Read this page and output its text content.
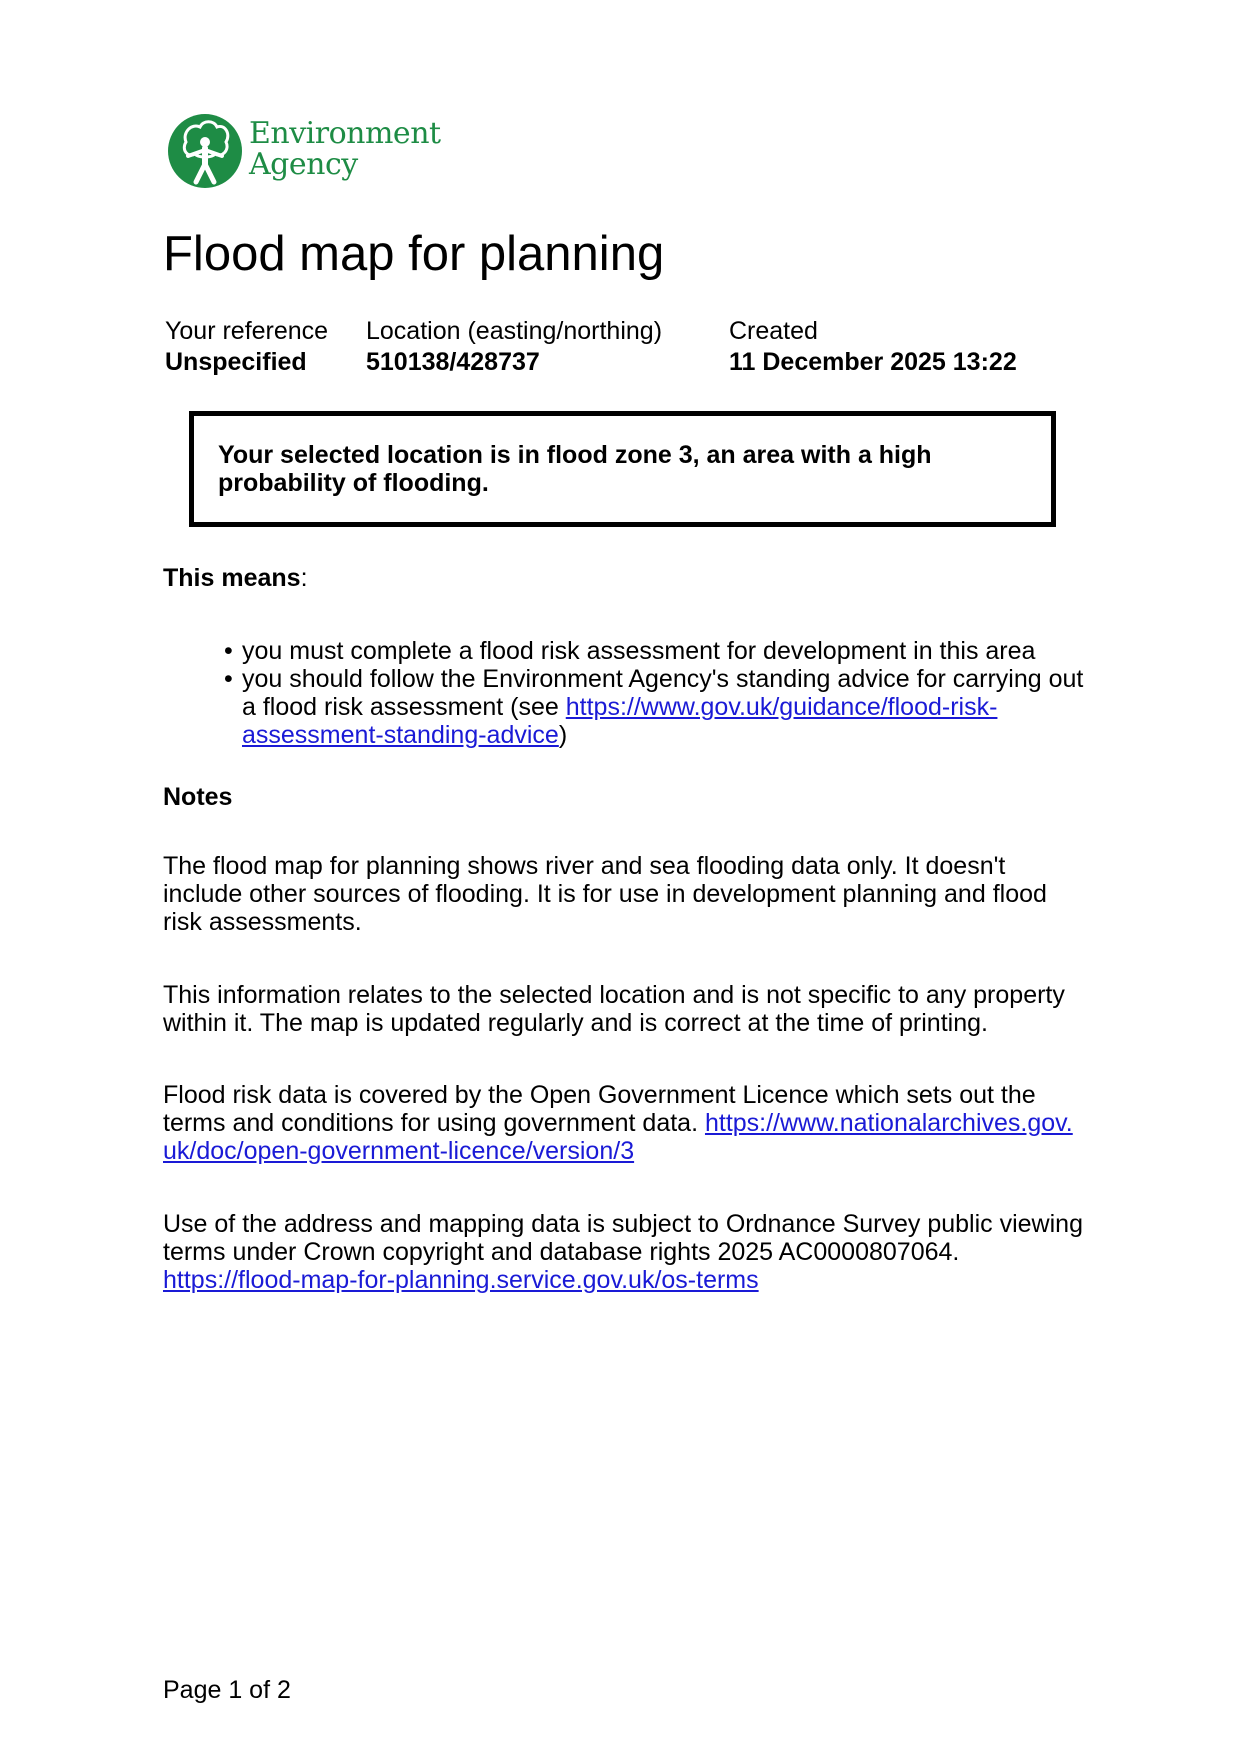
Environment
Agency
Flood map for planning
Your reference
Unspecified
Location (easting/northing)
510138/428737
Created
11 December 2025 13:22
Your selected location is in flood zone 3, an area with a high probability of flooding.

This means:

• you must complete a flood risk assessment for development in this area
• you should follow the Environment Agency's standing advice for carrying out a flood risk assessment (see https://www.gov.uk/guidance/flood-risk-assessment-standing-advice)

Notes

The flood map for planning shows river and sea flooding data only. It doesn't include other sources of flooding. It is for use in development planning and flood risk assessments.

This information relates to the selected location and is not specific to any property within it. The map is updated regularly and is correct at the time of printing.

Flood risk data is covered by the Open Government Licence which sets out the terms and conditions for using government data. https://www.nationalarchives.gov.uk/doc/open-government-licence/version/3

Use of the address and mapping data is subject to Ordnance Survey public viewing terms under Crown copyright and database rights 2025 AC0000807064.
https://flood-map-for-planning.service.gov.uk/os-terms

Page 1 of 2
